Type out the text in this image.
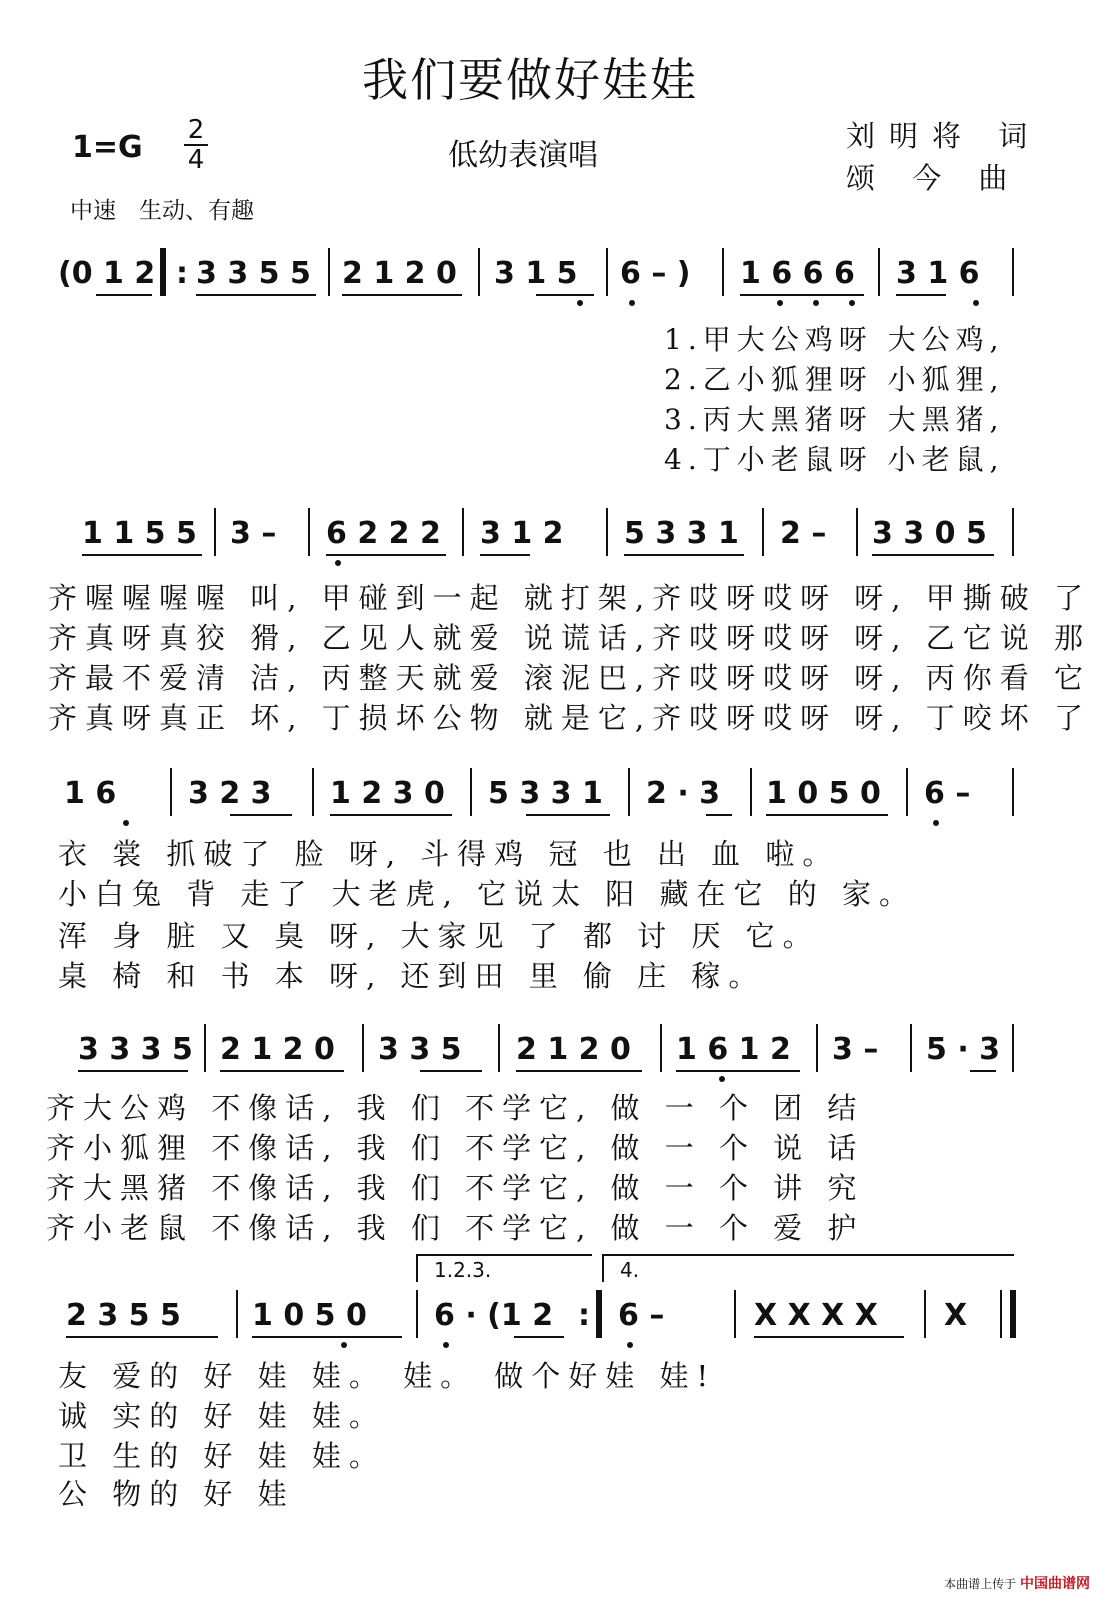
我们要做好娃娃
1=G 2
4	低幼表演唱
刘明将 词
颂 今 曲
中速　生动、有趣
(0 1 2 : 3 3 5 5 2 1 2 0 3 1 5 6 – ) 1 6 6 6 3 1 6
1.甲大公鸡呀 大公鸡,
2.乙小狐狸呀 小狐狸,
3.丙大黑猪呀 大黑猪,
4.丁小老鼠呀 小老鼠,
1 1 5 5 3 – 6 2 2 2 3 1 2 5 3 3 1 2 – 3 3 0 5
齐喔喔喔喔 叫, 甲碰到一起 就打架,齐哎呀哎呀 呀, 甲撕破 了
齐真呀真狡 猾, 乙见人就爱 说谎话,齐哎呀哎呀 呀, 乙它说 那
齐最不爱清 洁, 丙整天就爱 滚泥巴,齐哎呀哎呀 呀, 丙你看 它
齐真呀真正 坏, 丁损坏公物 就是它,齐哎呀哎呀 呀, 丁咬坏 了
1 6 3 2 3 1 2 3 0 5 3 3 1 2 · 3 1 0 5 0 6 –
衣 裳 抓破了 脸 呀, 斗得鸡 冠 也 出 血 啦。
小白兔 背 走了 大老虎, 它说太 阳 藏在它 的 家。
浑 身 脏 又 臭 呀, 大家见 了 都 讨 厌 它。
桌 椅 和 书 本 呀, 还到田 里 偷 庄 稼。
3 3 3 5 2 1 2 0 3 3 5 2 1 2 0 1 6 1 2 3 – 5 · 3
齐大公鸡 不像话, 我 们 不学它, 做 一 个 团 结
齐小狐狸 不像话, 我 们 不学它, 做 一 个 说 话
齐大黑猪 不像话, 我 们 不学它, 做 一 个 讲 究
齐小老鼠 不像话, 我 们 不学它, 做 一 个 爱 护
1.2.3.	4.
2 3 5 5 1 0 5 0 6 · (1 2 : 6 –	X X X X X
友 爱的 好 娃 娃。 娃。 做个好娃 娃!
诚 实的 好 娃 娃。
卫 生的 好 娃 娃。
公 物的 好 娃
本曲谱上传于 中国曲谱网
